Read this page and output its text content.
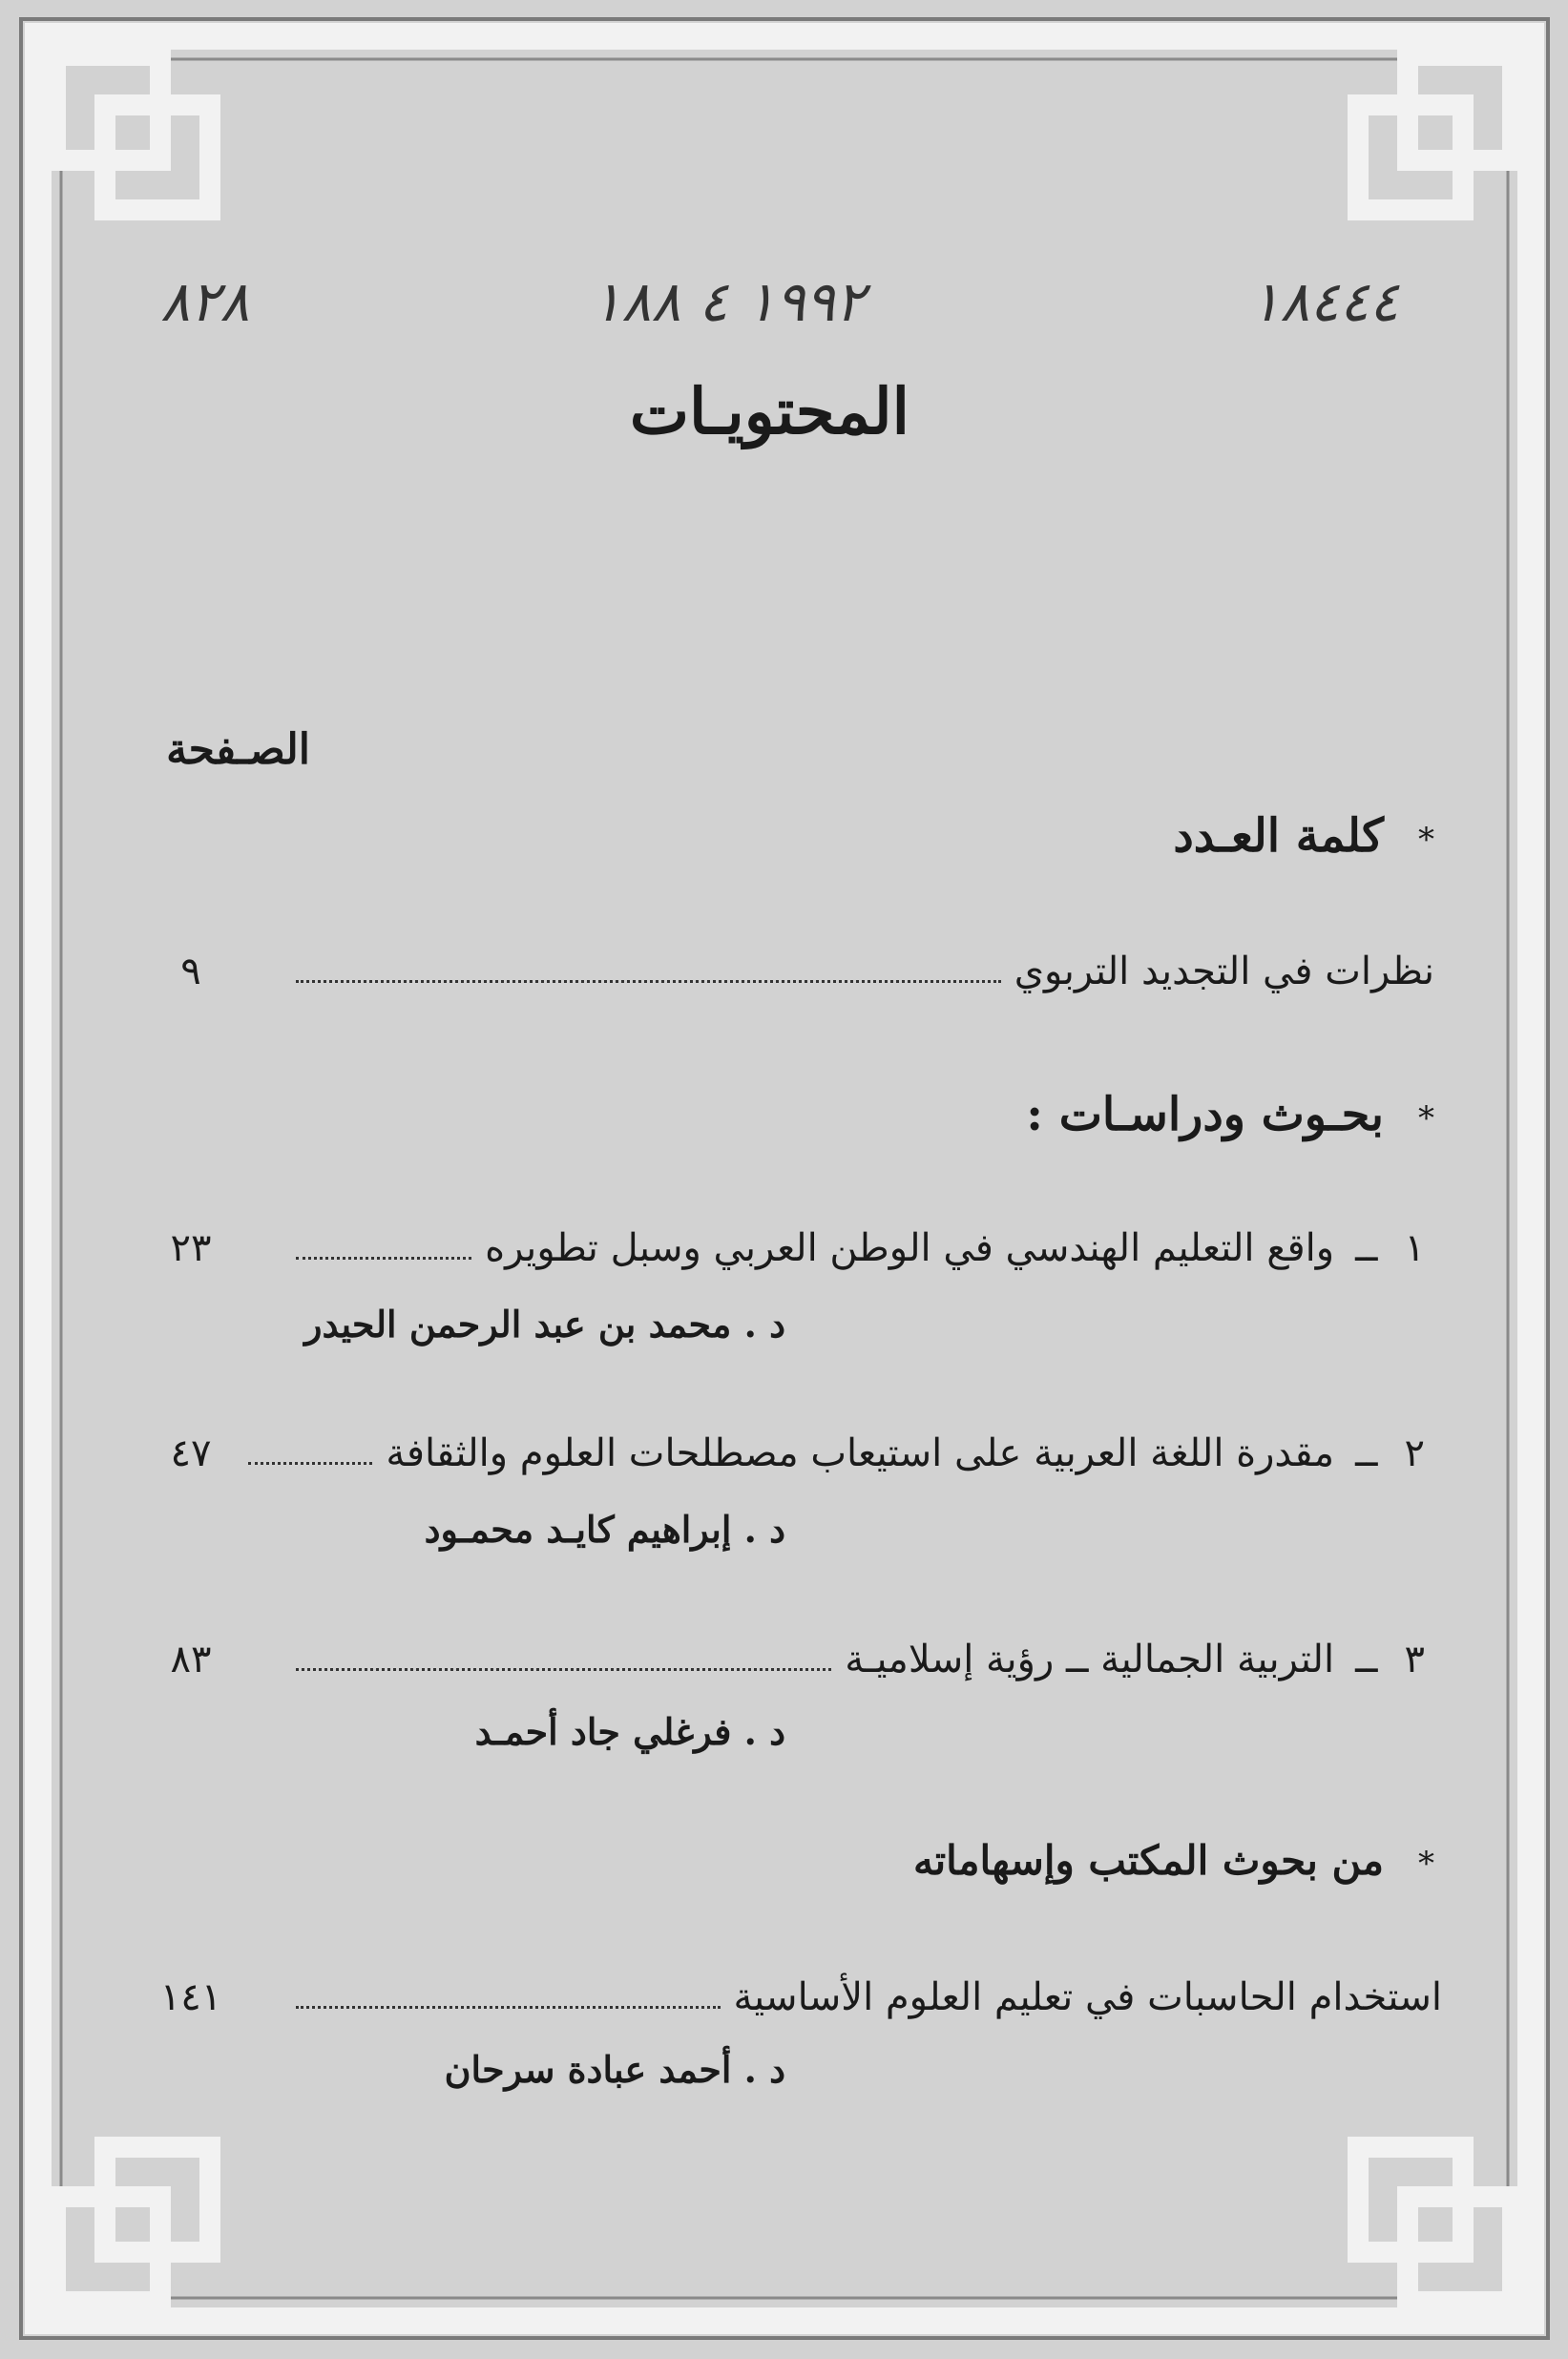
٨٢٨	١٩٩٢ ٤ ١٨٨	١٨٤٤٤
المحتويـات
الصـفحة
*كلمة العـدد
نظرات في التجديد التربوي
٩
*بحـوث ودراسـات :
١
ــ
واقع التعليم الهندسي في الوطن العربي وسبل تطويره
٢٣
د . محمد بن عبد الرحمن الحيدر
٢
ــ
مقدرة اللغة العربية على استيعاب مصطلحات العلوم والثقافة
٤٧
د . إبراهيم كايـد محمـود
٣
ــ
التربية الجمالية ــ رؤية إسلاميـة
٨٣
د . فرغلي جاد أحمـد
*من بحوث المكتب وإسهاماته
استخدام الحاسبات في تعليم العلوم الأساسية
١٤١
د . أحمد عبادة سرحان
